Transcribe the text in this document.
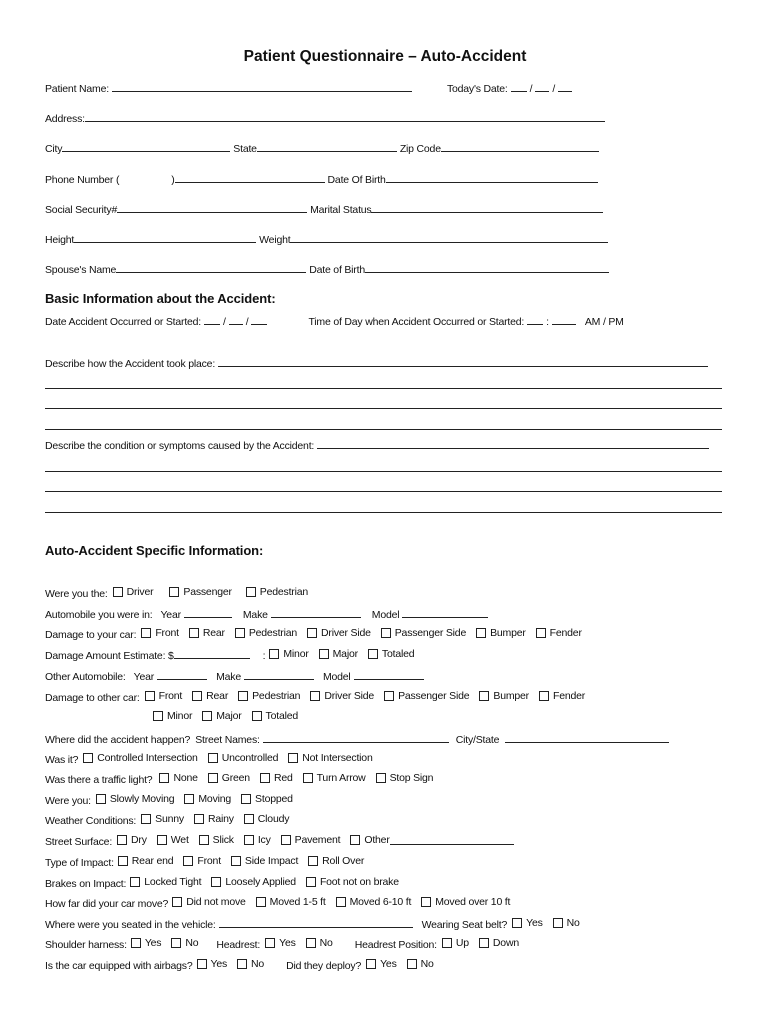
Patient Questionnaire – Auto-Accident
Patient Name:	Today's Date: / /
Address:
City	State	Zip Code
Phone Number (	)	Date Of Birth
Social Security#	Marital Status
Height	Weight
Spouse's Name	Date of Birth
Basic Information about the Accident:
Date Accident Occurred or Started: / /	Time of Day when Accident Occurred or Started: :	AM / PM
Describe how the Accident took place:
Describe the condition or symptoms caused by the Accident:
Auto-Accident Specific Information:
Were you the: Driver	Passenger	Pedestrian
Automobile you were in: Year	Make	Model
Damage to your car: Front Rear Pedestrian Driver Side Passenger Side Bumper Fender
Damage Amount Estimate: $	: Minor Major Totaled
Other Automobile: Year	Make	Model
Damage to other car: Front Rear Pedestrian Driver Side Passenger Side Bumper Fender
Minor Major Totaled
Where did the accident happen? Street Names:	City/State
Was it? Controlled Intersection Uncontrolled Not Intersection
Was there a traffic light? None Green Red Turn Arrow Stop Sign
Were you: Slowly Moving Moving Stopped
Weather Conditions: Sunny Rainy Cloudy
Street Surface: Dry Wet Slick Icy Pavement Other
Type of Impact: Rear end Front Side Impact Roll Over
Brakes on Impact: Locked Tight Loosely Applied Foot not on brake
How far did your car move? Did not move Moved 1-5 ft Moved 6-10 ft Moved over 10 ft
Where were you seated in the vehicle:	Wearing Seat belt? Yes No
Shoulder harness: Yes No Headrest: Yes No Headrest Position: Up Down
Is the car equipped with airbags? Yes No Did they deploy? Yes No
